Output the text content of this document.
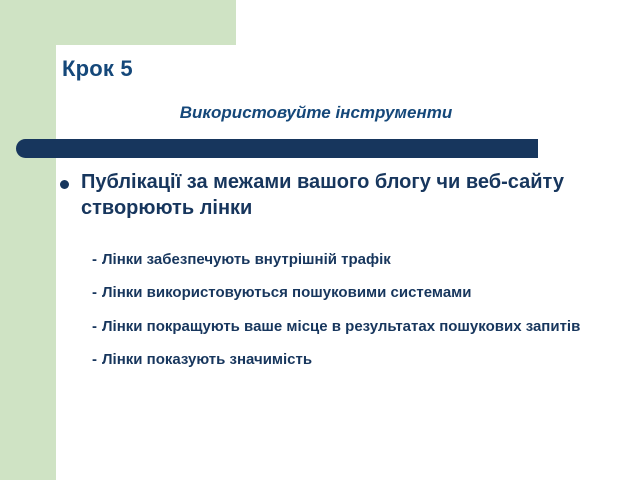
Крок 5
Використовуйте інструменти
Публікації за межами вашого блогу чи веб-сайту створюють лінки
- Лінки забезпечують внутрішній трафік
- Лінки використовуються пошуковими системами
- Лінки покращують ваше місце в результатах пошукових запитів
- Лінки показують значимість
